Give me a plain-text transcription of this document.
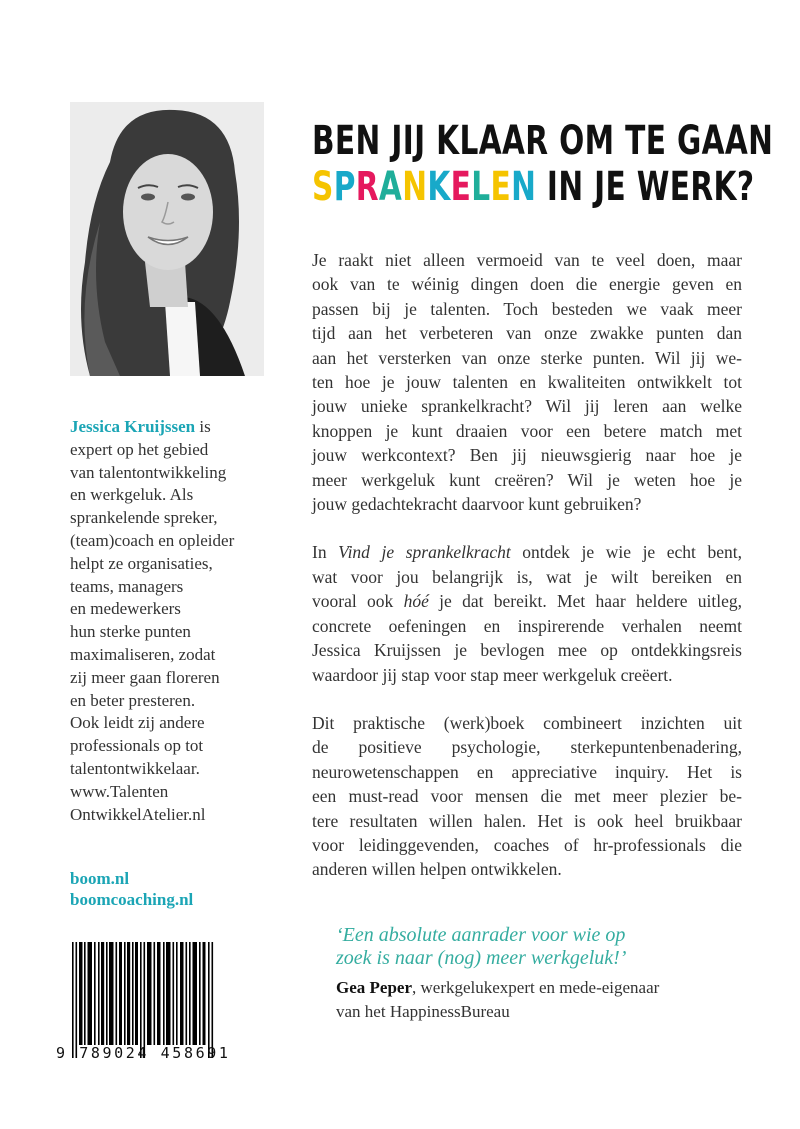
Jessica Kruijssen is
expert op het gebied
van talentontwikkeling
en werkgeluk. Als
sprankelende spreker,
(team)coach en opleider
helpt ze organisaties,
teams, managers
en medewerkers
hun sterke punten
maximaliseren, zodat
zij meer gaan floreren
en beter presteren.
Ook leidt zij andere
professionals op tot
talentontwikkelaar.
www.Talenten
OntwikkelAtelier.nl
boom.nl
boomcoaching.nl
9 789024 458691
BEN JIJ KLAAR OM TE GAAN
SPRANKELEN IN JE WERK?

Je raakt niet alleen vermoeid van te veel doen, maar
ook van te wéinig dingen doen die energie geven en
passen bij je talenten. Toch besteden we vaak meer
tijd aan het verbeteren van onze zwakke punten dan
aan het versterken van onze sterke punten. Wil jij we-
ten hoe je jouw talenten en kwaliteiten ontwikkelt tot
jouw unieke sprankelkracht? Wil jij leren aan welke
knoppen je kunt draaien voor een betere match met
jouw werkcontext? Ben jij nieuwsgierig naar hoe je
meer werkgeluk kunt creëren? Wil je weten hoe je
jouw gedachtekracht daarvoor kunt gebruiken?

In Vind je sprankelkracht ontdek je wie je echt bent,
wat voor jou belangrijk is, wat je wilt bereiken en
vooral ook hóé je dat bereikt. Met haar heldere uitleg,
concrete oefeningen en inspirerende verhalen neemt
Jessica Kruijssen je bevlogen mee op ontdekkingsreis
waardoor jij stap voor stap meer werkgeluk creëert.

Dit praktische (werk)boek combineert inzichten uit
de positieve psychologie, sterkepuntenbenadering,
neurowetenschappen en appreciative inquiry. Het is
een must-read voor mensen die met meer plezier be-
tere resultaten willen halen. Het is ook heel bruikbaar
voor leidinggevenden, coaches of hr-professionals die
anderen willen helpen ontwikkelen.

‘Een absolute aanrader voor wie op
zoek is naar (nog) meer werkgeluk!’
Gea Peper, werkgelukexpert en mede-eigenaar
van het HappinessBureau
